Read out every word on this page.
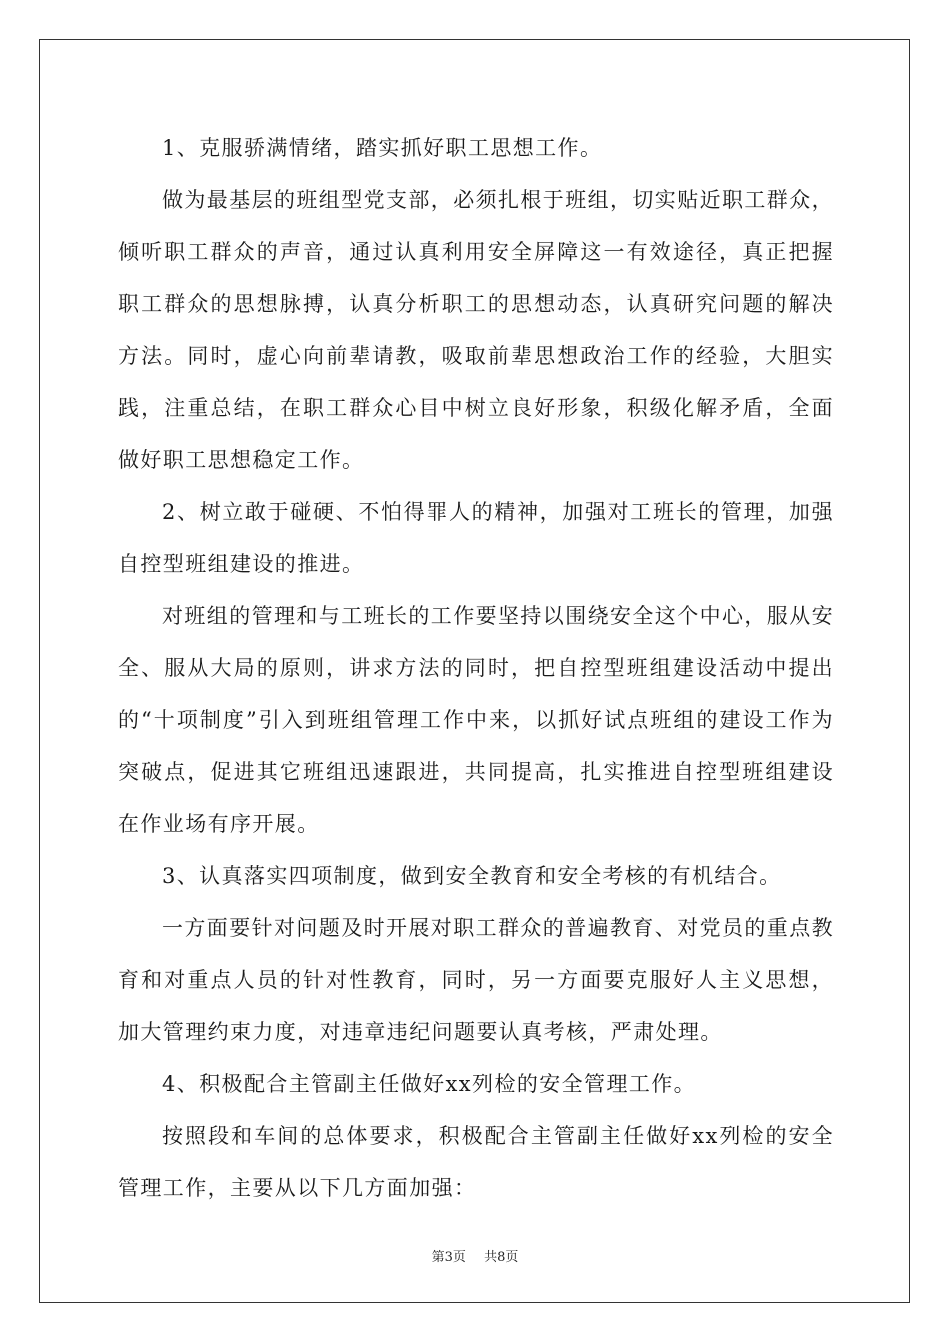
1、克服骄满情绪，踏实抓好职工思想工作。

做为最基层的班组型党支部，必须扎根于班组，切实贴近职工群众，倾听职工群众的声音，通过认真利用安全屏障这一有效途径，真正把握职工群众的思想脉搏，认真分析职工的思想动态，认真研究问题的解决方法。同时，虚心向前辈请教，吸取前辈思想政治工作的经验，大胆实践，注重总结，在职工群众心目中树立良好形象，积级化解矛盾，全面做好职工思想稳定工作。

2、树立敢于碰硬、不怕得罪人的精神，加强对工班长的管理，加强自控型班组建设的推进。

对班组的管理和与工班长的工作要坚持以围绕安全这个中心，服从安全、服从大局的原则，讲求方法的同时，把自控型班组建设活动中提出的“十项制度”引入到班组管理工作中来，以抓好试点班组的建设工作为突破点，促进其它班组迅速跟进，共同提高，扎实推进自控型班组建设在作业场有序开展。

3、认真落实四项制度，做到安全教育和安全考核的有机结合。

一方面要针对问题及时开展对职工群众的普遍教育、对党员的重点教育和对重点人员的针对性教育，同时，另一方面要克服好人主义思想，加大管理约束力度，对违章违纪问题要认真考核，严肃处理。

4、积极配合主管副主任做好xx列检的安全管理工作。

按照段和车间的总体要求，积极配合主管副主任做好xx列检的安全管理工作，主要从以下几方面加强：

第3页 共8页
